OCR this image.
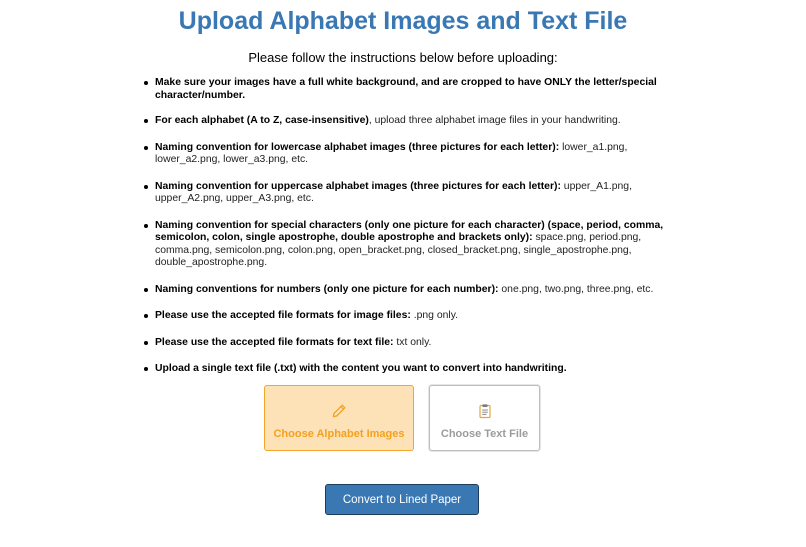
Upload Alphabet Images and Text File
Please follow the instructions below before uploading:
Make sure your images have a full white background, and are cropped to have ONLY the letter/special character/number.
For each alphabet (A to Z, case-insensitive), upload three alphabet image files in your handwriting.
Naming convention for lowercase alphabet images (three pictures for each letter): lower_a1.png, lower_a2.png, lower_a3.png, etc.
Naming convention for uppercase alphabet images (three pictures for each letter): upper_A1.png, upper_A2.png, upper_A3.png, etc.
Naming convention for special characters (only one picture for each character) (space, period, comma, semicolon, colon, single apostrophe, double apostrophe and brackets only): space.png, period.png, comma.png, semicolon.png, colon.png, open_bracket.png, closed_bracket.png, single_apostrophe.png, double_apostrophe.png.
Naming conventions for numbers (only one picture for each number): one.png, two.png, three.png, etc.
Please use the accepted file formats for image files: .png only.
Please use the accepted file formats for text file: txt only.
Upload a single text file (.txt) with the content you want to convert into handwriting.
Choose Alphabet Images	Choose Text File
Convert to Lined Paper
